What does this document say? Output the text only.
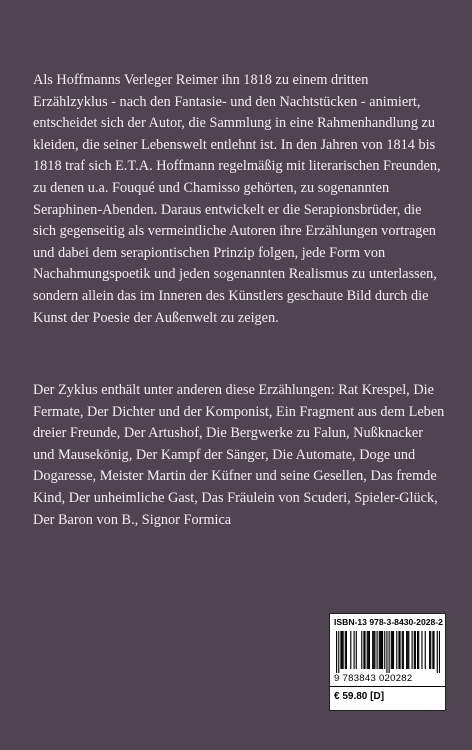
Als Hoffmanns Verleger Reimer ihn 1818 zu einem dritten Erzählzyklus - nach den Fantasie- und den Nachtstücken - animiert, entscheidet sich der Autor, die Sammlung in eine Rahmenhandlung zu kleiden, die seiner Lebenswelt entlehnt ist. In den Jahren von 1814 bis 1818 traf sich E.T.A. Hoffmann regelmäßig mit literarischen Freunden, zu denen u.a. Fouqué und Chamisso gehörten, zu sogenannten Seraphinen-Abenden. Daraus entwickelt er die Serapionsbrüder, die sich gegenseitig als vermeintliche Autoren ihre Erzählungen vortragen und dabei dem serapiontischen Prinzip folgen, jede Form von Nachahmungspoetik und jeden sogenannten Realismus zu unterlassen, sondern allein das im Inneren des Künstlers geschaute Bild durch die Kunst der Poesie der Außenwelt zu zeigen.

Der Zyklus enthält unter anderen diese Erzählungen: Rat Krespel, Die Fermate, Der Dichter und der Komponist, Ein Fragment aus dem Leben dreier Freunde, Der Artushof, Die Bergwerke zu Falun, Nußknacker und Mausekönig, Der Kampf der Sänger, Die Automate, Doge und Dogaresse, Meister Martin der Küfner und seine Gesellen, Das fremde Kind, Der unheimliche Gast, Das Fräulein von Scuderi, Spieler-Glück, Der Baron von B., Signor Formica

ISBN-13 978-3-8430-2028-2
9 783843 020282
€ 59.80 [D]
